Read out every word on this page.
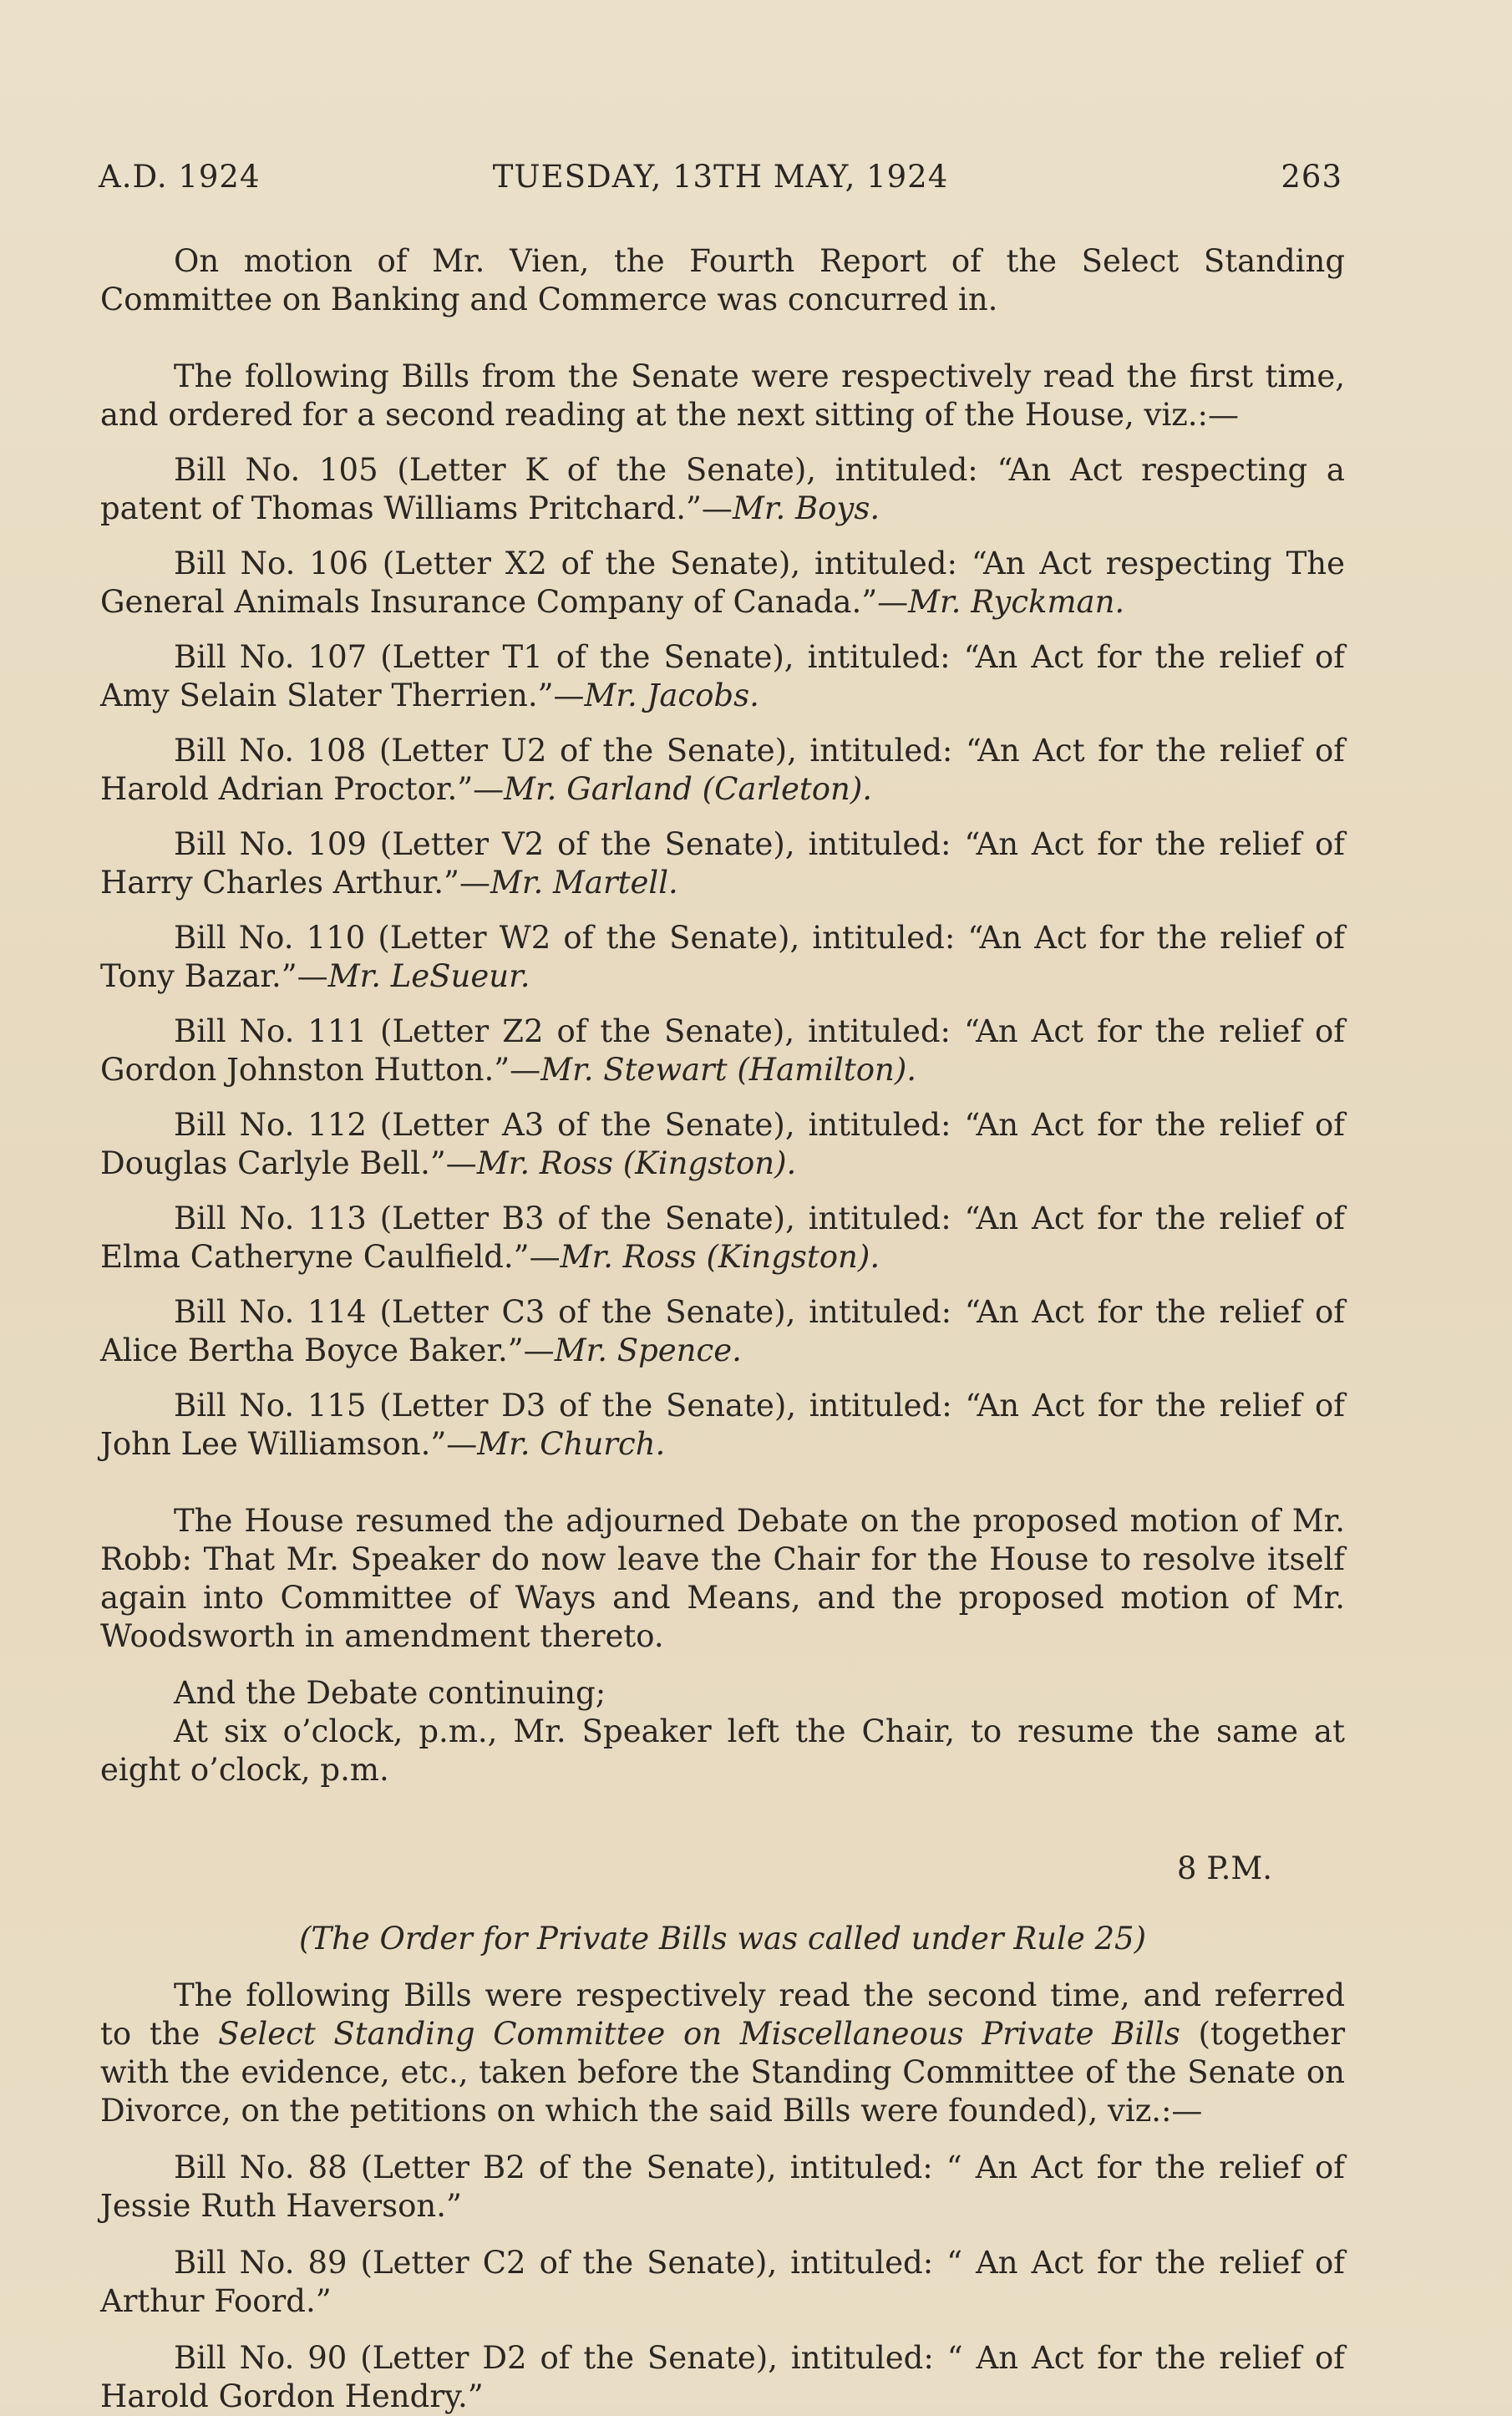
A.D. 1924	TUESDAY, 13TH MAY, 1924	263

On motion of Mr. Vien, the Fourth Report of the Select Standing Committee on Banking and Commerce was concurred in.

The following Bills from the Senate were respectively read the first time, and ordered for a second reading at the next sitting of the House, viz.:—

Bill No. 105 (Letter K of the Senate), intituled: “An Act respecting a patent of Thomas Williams Pritchard.”—Mr. Boys.

Bill No. 106 (Letter X2 of the Senate), intituled: “An Act respecting The General Animals Insurance Company of Canada.”—Mr. Ryckman.

Bill No. 107 (Letter T1 of the Senate), intituled: “An Act for the relief of Amy Selain Slater Therrien.”—Mr. Jacobs.

Bill No. 108 (Letter U2 of the Senate), intituled: “An Act for the relief of Harold Adrian Proctor.”—Mr. Garland (Carleton).

Bill No. 109 (Letter V2 of the Senate), intituled: “An Act for the relief of Harry Charles Arthur.”—Mr. Martell.

Bill No. 110 (Letter W2 of the Senate), intituled: “An Act for the relief of Tony Bazar.”—Mr. LeSueur.

Bill No. 111 (Letter Z2 of the Senate), intituled: “An Act for the relief of Gordon Johnston Hutton.”—Mr. Stewart (Hamilton).

Bill No. 112 (Letter A3 of the Senate), intituled: “An Act for the relief of Douglas Carlyle Bell.”—Mr. Ross (Kingston).

Bill No. 113 (Letter B3 of the Senate), intituled: “An Act for the relief of Elma Catheryne Caulfield.”—Mr. Ross (Kingston).

Bill No. 114 (Letter C3 of the Senate), intituled: “An Act for the relief of Alice Bertha Boyce Baker.”—Mr. Spence.

Bill No. 115 (Letter D3 of the Senate), intituled: “An Act for the relief of John Lee Williamson.”—Mr. Church.

The House resumed the adjourned Debate on the proposed motion of Mr. Robb: That Mr. Speaker do now leave the Chair for the House to resolve itself again into Committee of Ways and Means, and the proposed motion of Mr. Woodsworth in amendment thereto.

And the Debate continuing;

At six o’clock, p.m., Mr. Speaker left the Chair, to resume the same at eight o’clock, p.m.

8 P.M.

(The Order for Private Bills was called under Rule 25)

The following Bills were respectively read the second time, and referred to the Select Standing Committee on Miscellaneous Private Bills (together with the evidence, etc., taken before the Standing Committee of the Senate on Divorce, on the petitions on which the said Bills were founded), viz.:—

Bill No. 88 (Letter B2 of the Senate), intituled: “ An Act for the relief of Jessie Ruth Haverson.”

Bill No. 89 (Letter C2 of the Senate), intituled: “ An Act for the relief of Arthur Foord.”

Bill No. 90 (Letter D2 of the Senate), intituled: “ An Act for the relief of Harold Gordon Hendry.”
